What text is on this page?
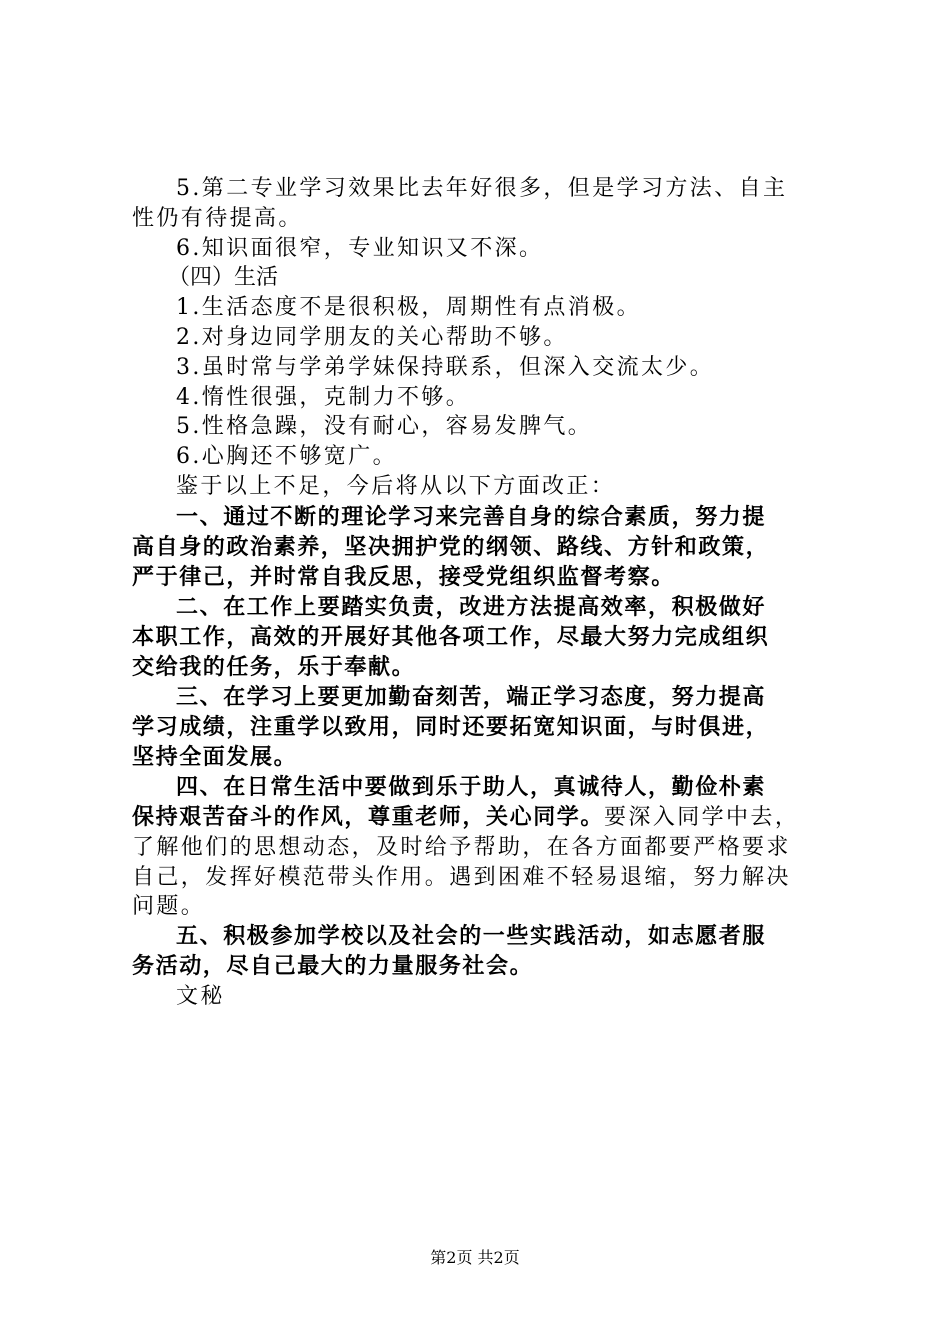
5.第二专业学习效果比去年好很多，但是学习方法、自主

性仍有待提高。

6.知识面很窄，专业知识又不深。

（四）生活

1.生活态度不是很积极，周期性有点消极。

2.对身边同学朋友的关心帮助不够。

3.虽时常与学弟学妹保持联系，但深入交流太少。

4.惰性很强，克制力不够。

5.性格急躁，没有耐心，容易发脾气。

6.心胸还不够宽广。

鉴于以上不足，今后将从以下方面改正：

一、通过不断的理论学习来完善自身的综合素质，努力提

高自身的政治素养，坚决拥护党的纲领、路线、方针和政策，

严于律己，并时常自我反思，接受党组织监督考察。

二、在工作上要踏实负责，改进方法提高效率，积极做好

本职工作，高效的开展好其他各项工作，尽最大努力完成组织

交给我的任务，乐于奉献。

三、在学习上要更加勤奋刻苦，端正学习态度，努力提高

学习成绩，注重学以致用，同时还要拓宽知识面，与时俱进，

坚持全面发展。

四、在日常生活中要做到乐于助人，真诚待人，勤俭朴素

保持艰苦奋斗的作风，尊重老师，关心同学。要深入同学中去，

了解他们的思想动态，及时给予帮助，在各方面都要严格要求

自己，发挥好模范带头作用。遇到困难不轻易退缩，努力解决

问题。

五、积极参加学校以及社会的一些实践活动，如志愿者服

务活动，尽自己最大的力量服务社会。

文秘

第2页 共2页
